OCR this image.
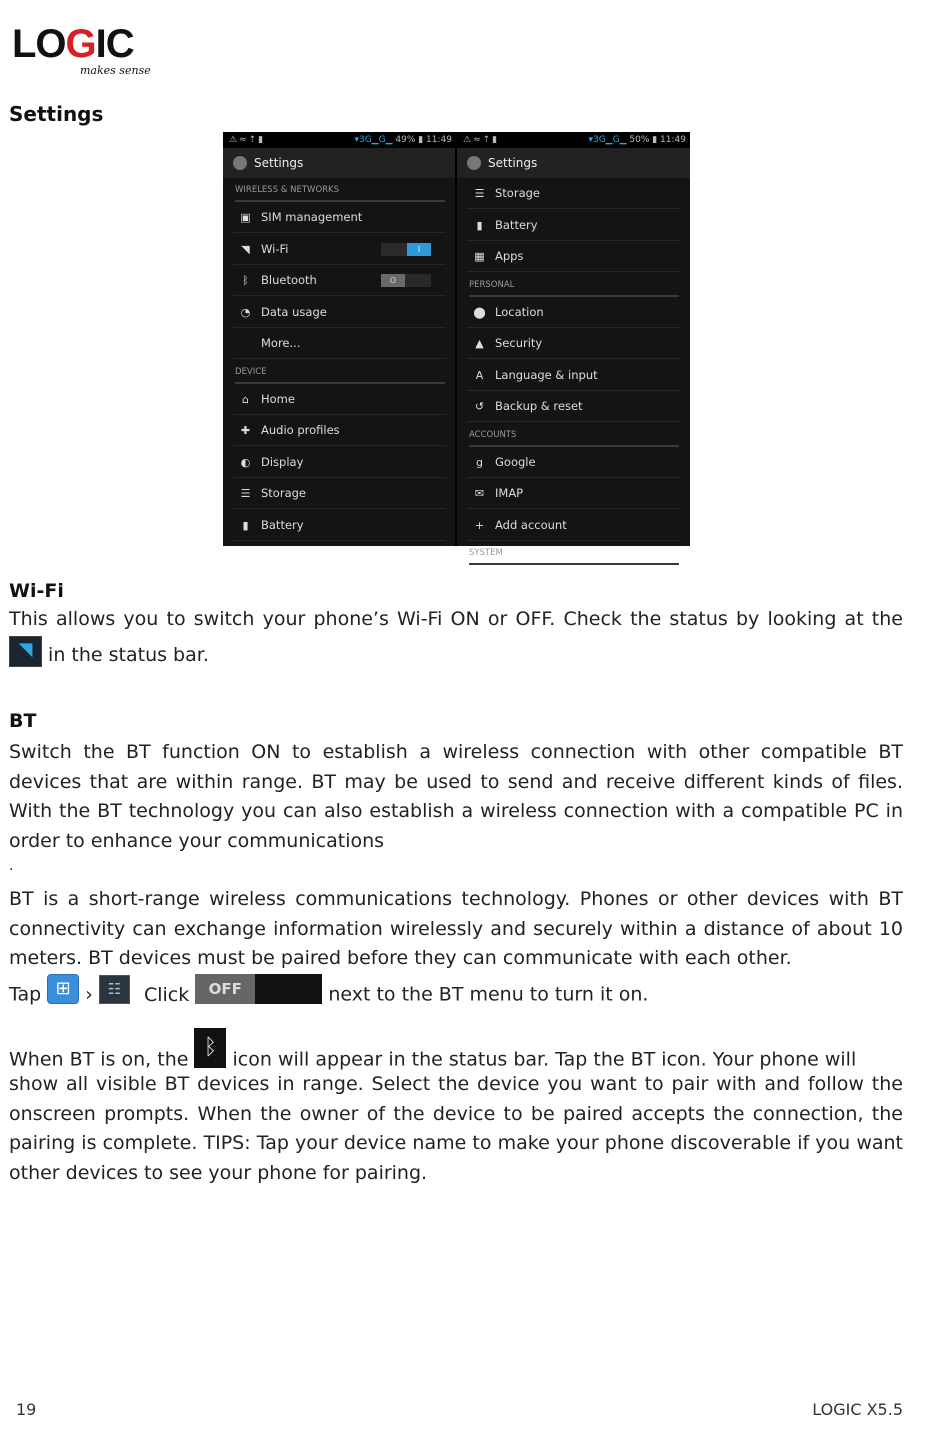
LOGIC
makes sense
Settings
⚠≈⇡▮	▾3G▁G▁ 49% ▮ 11:49
Settings
WIRELESS & NETWORKS
▣ SIM management
◥ Wi-Fi	I
ᛒ Bluetooth	O
◔ Data usage
More...
DEVICE
⌂ Home
✚ Audio profiles
◐ Display
☰ Storage
▮	Battery
⚠≈⇡▮	▾3G▁G▁ 50% ▮ 11:49
Settings
☰ Storage
▮	Battery
▦ Apps
PERSONAL
⬤ Location
▲ Security
A Language & input
↺ Backup & reset
ACCOUNTS
g Google
✉ IMAP
+ Add account
SYSTEM
Wi-Fi
This allows you to switch your phone’s Wi-Fi ON or OFF. Check the status by looking at the
◥ in the status bar.
BT
Switch the BT function ON to establish a wireless connection with other compatible BT devices that are within range. BT may be used to send and receive different kinds of files. With the BT technology you can also establish a wireless connection with a compatible PC in order to enhance your communications
.
BT is a short-range wireless communications technology. Phones or other devices with BT connectivity can exchange information wirelessly and securely within a distance of about 10 meters. BT devices must be paired before they can communicate with each other.
Tap ⊞ › ☷ Click	OFF	next to the BT menu to turn it on.
When BT is on, the ᛒ icon will appear in the status bar. Tap the BT icon. Your phone will
show all visible BT devices in range. Select the device you want to pair with and follow the onscreen prompts. When the owner of the device to be paired accepts the connection, the pairing is complete. TIPS: Tap your device name to make your phone discoverable if you want other devices to see your phone for pairing.
19	LOGIC X5.5
